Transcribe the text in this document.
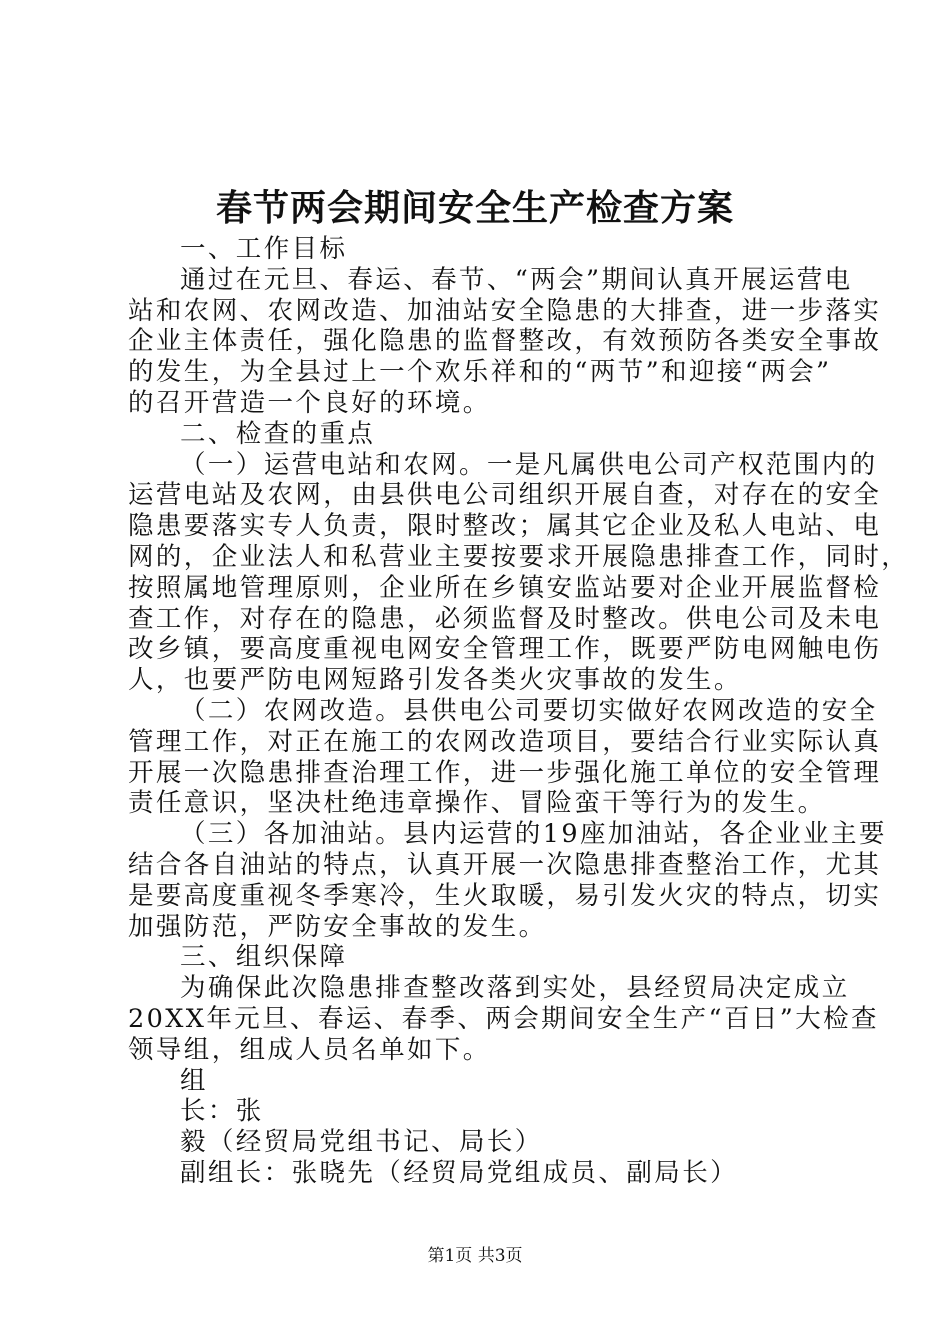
春节两会期间安全生产检查方案
一、工作目标
通过在元旦、春运、春节、“两会”期间认真开展运营电
站和农网、农网改造、加油站安全隐患的大排查，进一步落实
企业主体责任，强化隐患的监督整改，有效预防各类安全事故
的发生，为全县过上一个欢乐祥和的“两节”和迎接“两会”
的召开营造一个良好的环境。
二、检查的重点
（一）运营电站和农网。一是凡属供电公司产权范围内的
运营电站及农网，由县供电公司组织开展自查，对存在的安全
隐患要落实专人负责，限时整改；属其它企业及私人电站、电
网的，企业法人和私营业主要按要求开展隐患排查工作，同时，
按照属地管理原则，企业所在乡镇安监站要对企业开展监督检
查工作，对存在的隐患，必须监督及时整改。供电公司及未电
改乡镇，要高度重视电网安全管理工作，既要严防电网触电伤
人，也要严防电网短路引发各类火灾事故的发生。
（二）农网改造。县供电公司要切实做好农网改造的安全
管理工作，对正在施工的农网改造项目，要结合行业实际认真
开展一次隐患排查治理工作，进一步强化施工单位的安全管理
责任意识，坚决杜绝违章操作、冒险蛮干等行为的发生。
（三）各加油站。县内运营的19座加油站，各企业业主要
结合各自油站的特点，认真开展一次隐患排查整治工作，尤其
是要高度重视冬季寒冷，生火取暖，易引发火灾的特点，切实
加强防范，严防安全事故的发生。
三、组织保障
为确保此次隐患排查整改落到实处，县经贸局决定成立
20XX年元旦、春运、春季、两会期间安全生产“百日”大检查
领导组，组成人员名单如下。
组
长：张
毅（经贸局党组书记、局长）
副组长：张晓先（经贸局党组成员、副局长）
第1页 共3页
